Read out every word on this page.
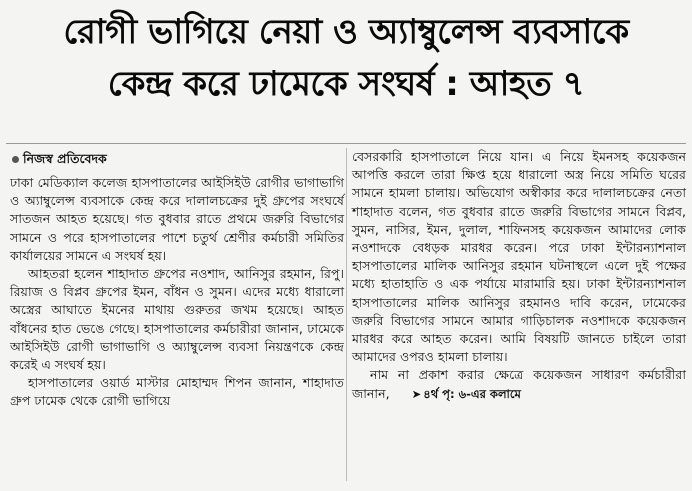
রোগী ভাগিয়ে নেয়া ও অ্যাম্বুলেন্স ব্যবসাকে
কেন্দ্র করে ঢামেকে সংঘর্ষ : আহত ৭
নিজস্ব প্রতিবেদক

ঢাকা মেডিক্যাল কলেজ হাসপাতালের আইসিইউ রোগীর ভাগাভাগি ও অ্যাম্বুলেন্স ব্যবসাকে কেন্দ্র করে দালালচক্রের দুই গ্রুপের সংঘর্ষে সাতজন আহত হয়েছে। গত বুধবার রাতে প্রথমে জরুরি বিভাগের সামনে ও পরে হাসপাতালের পাশে চতুর্থ শ্রেণীর কর্মচারী সমিতির কার্যালয়ের সামনে এ সংঘর্ষ হয়।

আহতরা হলেন শাহাদাত গ্রুপের নওশাদ, আনিসুর রহমান, রিপু। রিয়াজ ও বিপ্লব গ্রুপের ইমন, বাঁধন ও সুমন। এদের মধ্যে ধারালো অস্ত্রের আঘাতে ইমনের মাথায় গুরুতর জখম হয়েছে। আহত বাঁধনের হাত ভেঙে গেছে। হাসপাতালের কর্মচারীরা জানান, ঢামেকে আইসিইউ রোগী ভাগাভাগি ও অ্যাম্বুলেন্স ব্যবসা নিয়ন্ত্রণকে কেন্দ্র করেই এ সংঘর্ষ হয়।

হাসপাতালের ওয়ার্ড মাস্টার মোহাম্মদ শিপন জানান, শাহাদাত গ্রুপ ঢামেক থেকে রোগী ভাগিয়ে

বেসরকারি হাসপাতালে নিয়ে যান। এ নিয়ে ইমনসহ কয়েকজন আপত্তি করলে তারা ক্ষিপ্ত হয়ে ধারালো অস্ত্র নিয়ে সমিতি ঘরের সামনে হামলা চালায়। অভিযোগ অস্বীকার করে দালালচক্রের নেতা শাহাদাত বলেন, গত বুধবার রাতে জরুরি বিভাগের সামনে বিপ্লব, সুমন, নাসির, ইমন, দুলাল, শাফিনসহ কয়েকজন আমাদের লোক নওশাদকে বেধড়ক মারধর করেন। পরে ঢাকা ইন্টারন্যাশনাল হাসপাতালের মালিক আনিসুর রহমান ঘটনাস্থলে এলে দুই পক্ষের মধ্যে হাতাহাতি ও এক পর্যায়ে মারামারি হয়। ঢাকা ইন্টারন্যাশনাল হাসপাতালের মালিক আনিসুর রহমানও দাবি করেন, ঢামেকের জরুরি বিভাগের সামনে আমার গাড়িচালক নওশাদকে কয়েকজন মারধর করে আহত করেন। আমি বিষয়টি জানতে চাইলে তারা আমাদের ওপরও হামলা চালায়।

নাম না প্রকাশ করার ক্ষেত্রে কয়েকজন সাধারণ কর্মচারীরা জানান, ➤ ৪র্থ পৃ: ৬-এর কলামে
